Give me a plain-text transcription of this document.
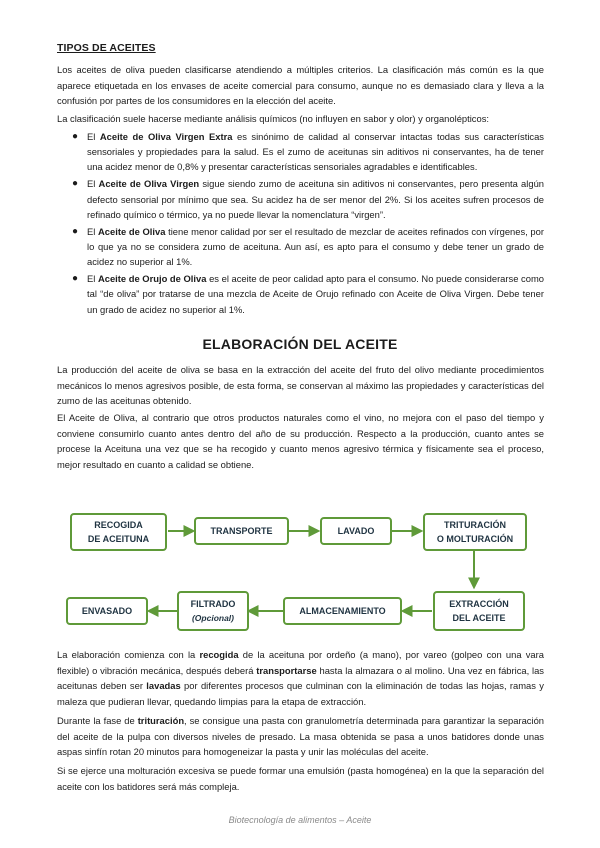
TIPOS DE ACEITES

Los aceites de oliva pueden clasificarse atendiendo a múltiples criterios. La clasificación más común es la que aparece etiquetada en los envases de aceite comercial para consumo, aunque no es demasiado clara y lleva a la confusión por partes de los consumidores en la elección del aceite.

La clasificación suele hacerse mediante análisis químicos (no influyen en sabor y olor) y organolépticos:

● El Aceite de Oliva Virgen Extra es sinónimo de calidad al conservar intactas todas sus características sensoriales y propiedades para la salud. Es el zumo de aceitunas sin aditivos ni conservantes, ha de tener una acidez menor de 0,8% y presentar características sensoriales agradables e identificables.
● El Aceite de Oliva Virgen sigue siendo zumo de aceituna sin aditivos ni conservantes, pero presenta algún defecto sensorial por mínimo que sea. Su acidez ha de ser menor del 2%. Si los aceites sufren procesos de refinado químico o térmico, ya no puede llevar la nomenclatura “virgen”.
● El Aceite de Oliva tiene menor calidad por ser el resultado de mezclar de aceites refinados con vírgenes, por lo que ya no se considera zumo de aceituna. Aun así, es apto para el consumo y debe tener un grado de acidez no superior al 1%.
● El Aceite de Orujo de Oliva es el aceite de peor calidad apto para el consumo. No puede considerarse como tal “de oliva” por tratarse de una mezcla de Aceite de Orujo refinado con Aceite de Oliva Virgen. Debe tener un grado de acidez no superior al 1%.
ELABORACIÓN DEL ACEITE

La producción del aceite de oliva se basa en la extracción del aceite del fruto del olivo mediante procedimientos mecánicos lo menos agresivos posible, de esta forma, se conservan al máximo las propiedades y características del zumo de las aceitunas obtenido.

El Aceite de Oliva, al contrario que otros productos naturales como el vino, no mejora con el paso del tiempo y conviene consumirlo cuanto antes dentro del año de su producción. Respecto a la producción, cuanto antes se procese la Aceituna una vez que se ha recogido y cuanto menos agresivo térmica y físicamente sea el proceso, mejor resultado en cuanto a calidad se obtiene.

RECOGIDA
DE ACEITUNA
TRANSPORTE	LAVADO
TRITURACIÓN
O MOLTURACIÓN
ENVASADO
FILTRADO
(Opcional)
ALMACENAMIENTO
EXTRACCIÓN
DEL ACEITE

La elaboración comienza con la recogida de la aceituna por ordeño (a mano), por vareo (golpeo con una vara flexible) o vibración mecánica, después deberá transportarse hasta la almazara o al molino. Una vez en fábrica, las aceitunas deben ser lavadas por diferentes procesos que culminan con la eliminación de todas las hojas, ramas y maleza que pudieran llevar, quedando limpias para la etapa de extracción.

Durante la fase de trituración, se consigue una pasta con granulometría determinada para garantizar la separación del aceite de la pulpa con diversos niveles de presado. La masa obtenida se pasa a unos batidores donde unas aspas sinfín rotan 20 minutos para homogeneizar la pasta y unir las moléculas del aceite.

Si se ejerce una molturación excesiva se puede formar una emulsión (pasta homogénea) en la que la separación del aceite con los batidores será más compleja.

Biotecnología de alimentos – Aceite
